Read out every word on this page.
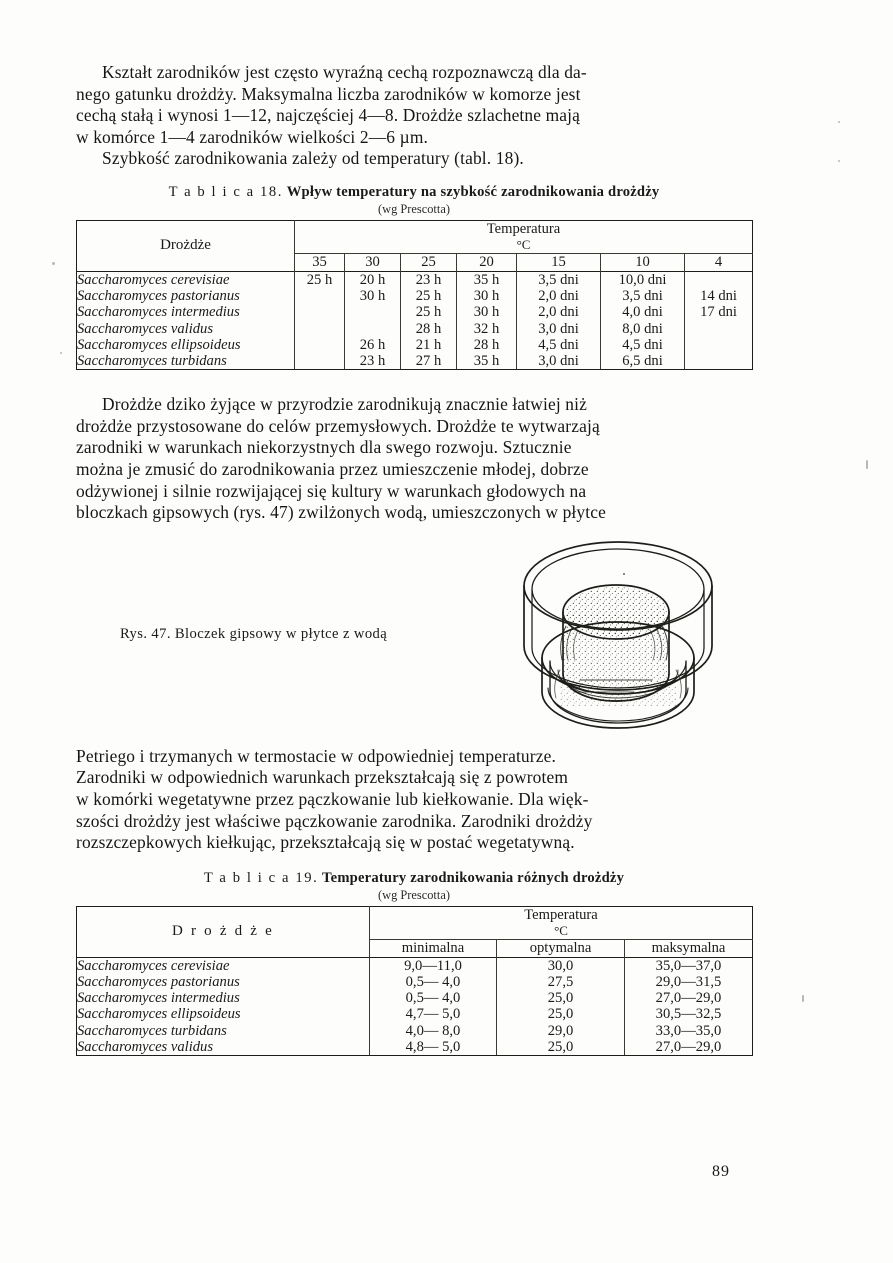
Kształt zarodników jest często wyraźną cechą rozpoznawczą dla da-
nego gatunku drożdży. Maksymalna liczba zarodników w komorze jest
cechą stałą i wynosi 1—12, najczęściej 4—8. Drożdże szlachetne mają
w komórce 1—4 zarodników wielkości 2—6 µm.
Szybkość zarodnikowania zależy od temperatury (tabl. 18).
T a b l i c a 18. Wpływ temperatury na szybkość zarodnikowania drożdży
(wg Prescotta)
Drożdże	Temperatura
°C						
	35	30	25	20	15	10	4
Saccharomyces cerevisiae	25 h	20 h	23 h	35 h	3,5 dni	10,0 dni	
Saccharomyces pastorianus		30 h	25 h	30 h	2,0 dni	3,5 dni	14 dni
Saccharomyces intermedius			25 h	30 h	2,0 dni	4,0 dni	17 dni
Saccharomyces validus			28 h	32 h	3,0 dni	8,0 dni	
Saccharomyces ellipsoideus		26 h	21 h	28 h	4,5 dni	4,5 dni	
Saccharomyces turbidans		23 h	27 h	35 h	3,0 dni	6,5 dni	
Drożdże dziko żyjące w przyrodzie zarodnikują znacznie łatwiej niż
drożdże przystosowane do celów przemysłowych. Drożdże te wytwarzają
zarodniki w warunkach niekorzystnych dla swego rozwoju. Sztucznie
można je zmusić do zarodnikowania przez umieszczenie młodej, dobrze
odżywionej i silnie rozwijającej się kultury w warunkach głodowych na
bloczkach gipsowych (rys. 47) zwilżonych wodą, umieszczonych w płytce
Rys. 47. Bloczek gipsowy w płytce z wodą
Petriego i trzymanych w termostacie w odpowiedniej temperaturze.
Zarodniki w odpowiednich warunkach przekształcają się z powrotem
w komórki wegetatywne przez pączkowanie lub kiełkowanie. Dla więk-
szości drożdży jest właściwe pączkowanie zarodnika. Zarodniki drożdży
rozszczepkowych kiełkując, przekształcają się w postać wegetatywną.
T a b l i c a 19. Temperatury zarodnikowania różnych drożdży
(wg Prescotta)
D r o ż d ż e	Temperatura
°C		
	minimalna	optymalna	maksymalna
Saccharomyces cerevisiae	9,0—11,0	30,0	35,0—37,0
Saccharomyces pastorianus	0,5— 4,0	27,5	29,0—31,5
Saccharomyces intermedius	0,5— 4,0	25,0	27,0—29,0
Saccharomyces ellipsoideus	4,7— 5,0	25,0	30,5—32,5
Saccharomyces turbidans	4,0— 8,0	29,0	33,0—35,0
Saccharomyces validus	4,8— 5,0	25,0	27,0—29,0
89
